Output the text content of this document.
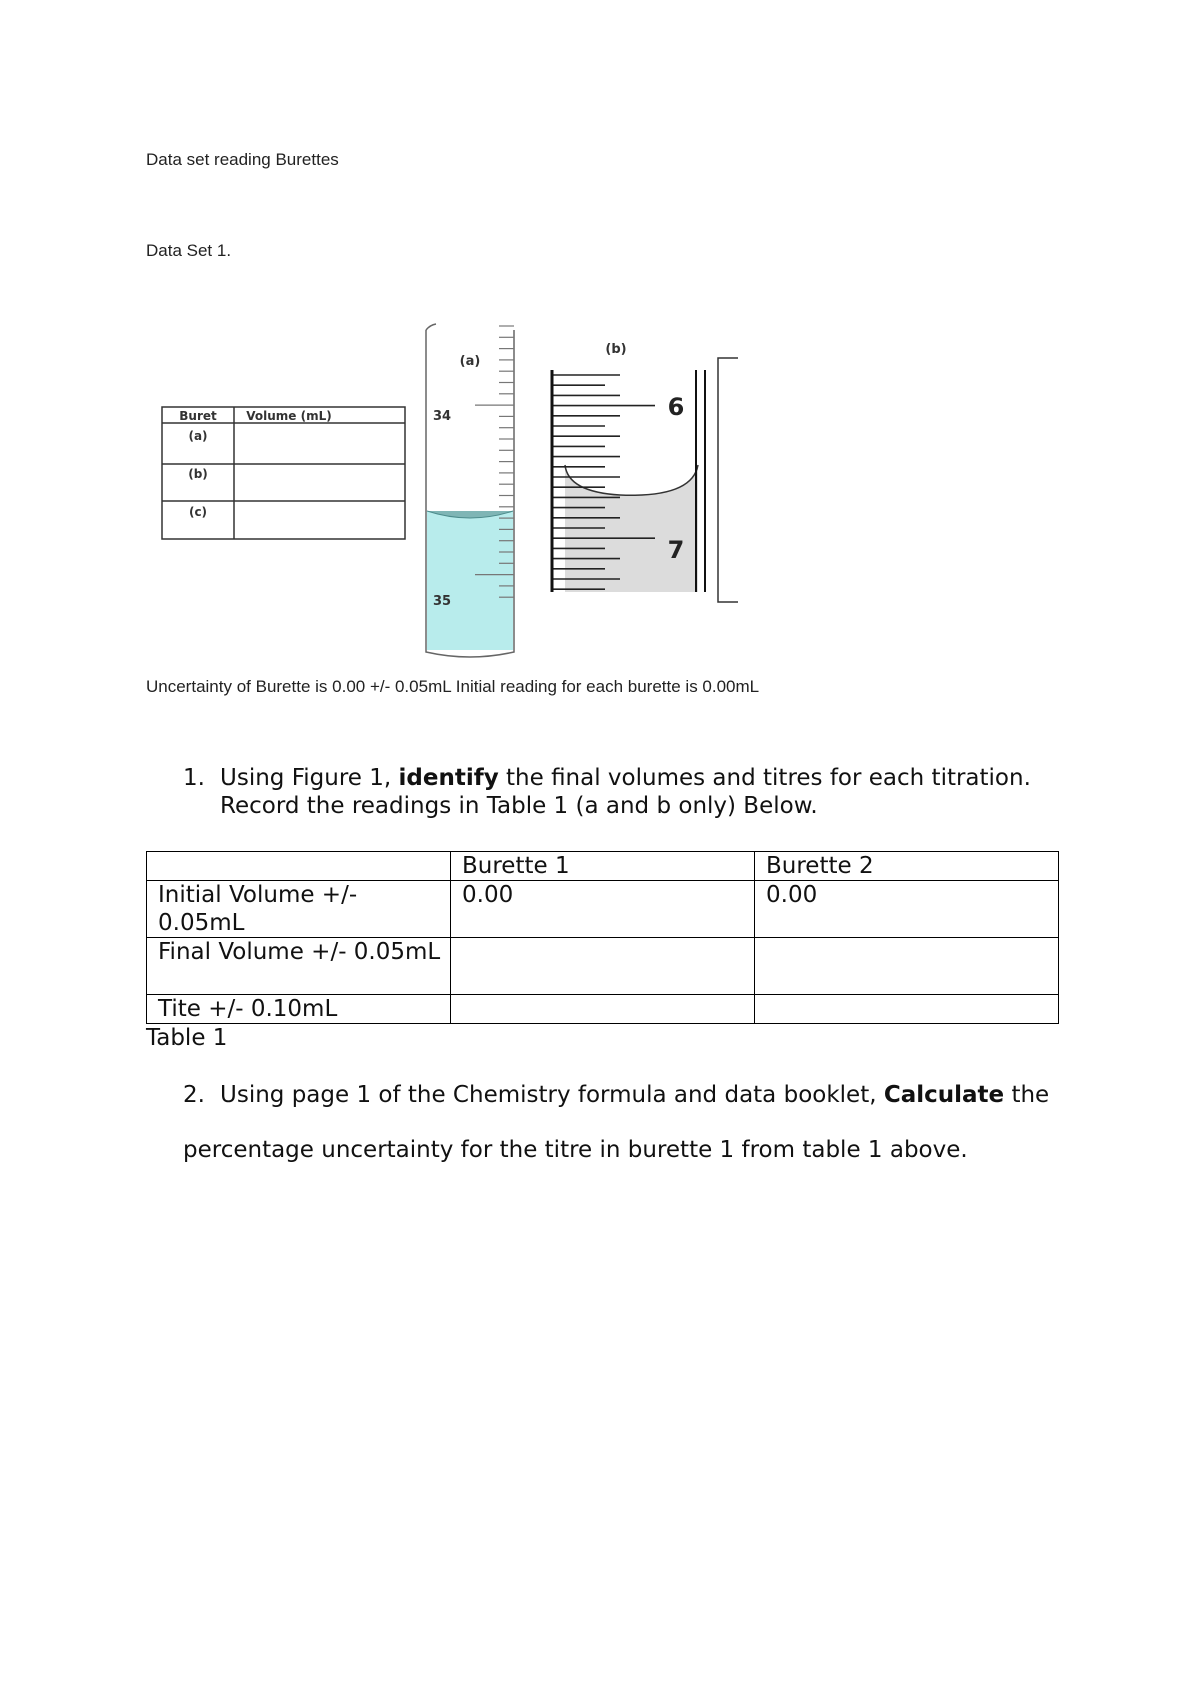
Data set reading Burettes
Data Set 1.
Buret Volume (mL)
(a)
(b)
(c)
(a)
34
35
(b)
6
7
Uncertainty of Burette is 0.00 +/- 0.05mL Initial reading for each burette is 0.00mL
1. Using Figure 1, identify the final volumes and titres for each titration. Record the readings in Table 1 (a and b only) Below.
	Burette 1	Burette 2
Initial Volume +/- 0.05mL	0.00	0.00
Final Volume +/- 0.05mL		
Tite +/- 0.10mL		
Table 1
2. Using page 1 of the Chemistry formula and data booklet, Calculate the
percentage uncertainty for the titre in burette 1 from table 1 above.
